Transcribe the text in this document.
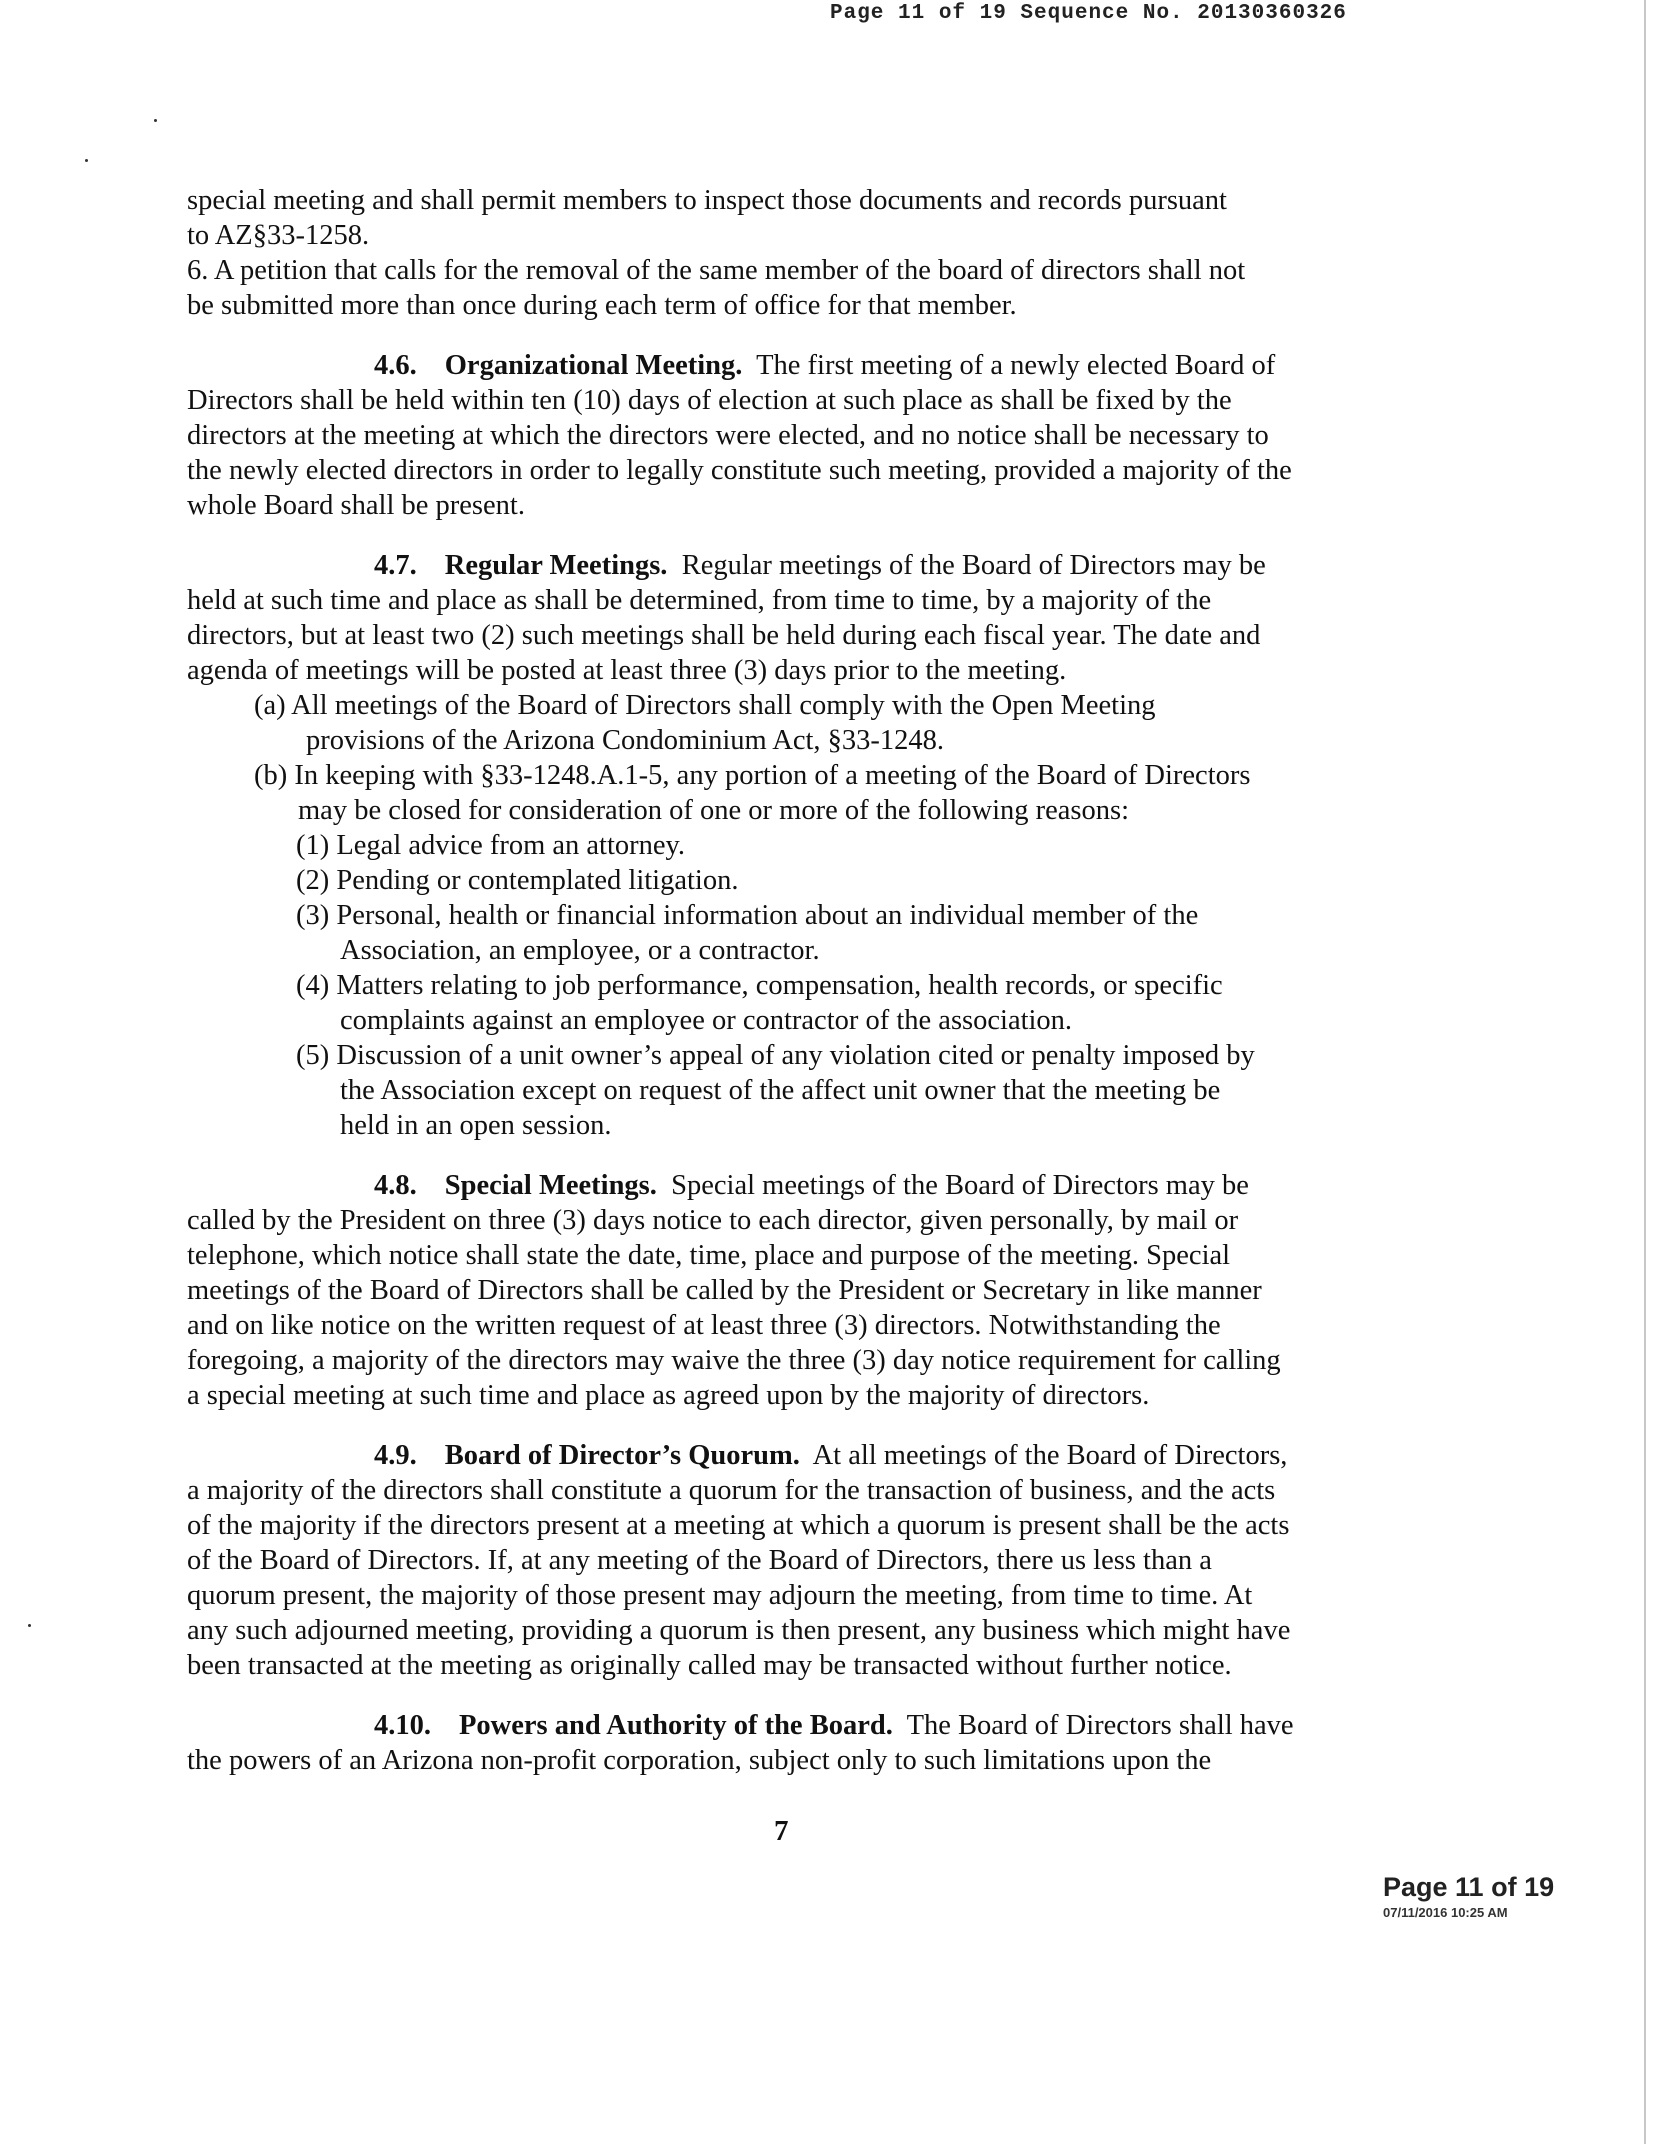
Page 11 of 19 Sequence No. 20130360326
special meeting and shall permit members to inspect those documents and records pursuant
to AZ§33-1258.
6. A petition that calls for the removal of the same member of the board of directors shall not
be submitted more than once during each term of office for that member.
4.6. Organizational Meeting. The first meeting of a newly elected Board of
Directors shall be held within ten (10) days of election at such place as shall be fixed by the
directors at the meeting at which the directors were elected, and no notice shall be necessary to
the newly elected directors in order to legally constitute such meeting, provided a majority of the
whole Board shall be present.
4.7. Regular Meetings. Regular meetings of the Board of Directors may be
held at such time and place as shall be determined, from time to time, by a majority of the
directors, but at least two (2) such meetings shall be held during each fiscal year. The date and
agenda of meetings will be posted at least three (3) days prior to the meeting.
(a) All meetings of the Board of Directors shall comply with the Open Meeting
provisions of the Arizona Condominium Act, §33-1248.
(b) In keeping with §33-1248.A.1-5, any portion of a meeting of the Board of Directors
may be closed for consideration of one or more of the following reasons:
(1) Legal advice from an attorney.
(2) Pending or contemplated litigation.
(3) Personal, health or financial information about an individual member of the
Association, an employee, or a contractor.
(4) Matters relating to job performance, compensation, health records, or specific
complaints against an employee or contractor of the association.
(5) Discussion of a unit owner’s appeal of any violation cited or penalty imposed by
the Association except on request of the affect unit owner that the meeting be
held in an open session.
4.8. Special Meetings. Special meetings of the Board of Directors may be
called by the President on three (3) days notice to each director, given personally, by mail or
telephone, which notice shall state the date, time, place and purpose of the meeting. Special
meetings of the Board of Directors shall be called by the President or Secretary in like manner
and on like notice on the written request of at least three (3) directors. Notwithstanding the
foregoing, a majority of the directors may waive the three (3) day notice requirement for calling
a special meeting at such time and place as agreed upon by the majority of directors.
4.9. Board of Director’s Quorum. At all meetings of the Board of Directors,
a majority of the directors shall constitute a quorum for the transaction of business, and the acts
of the majority if the directors present at a meeting at which a quorum is present shall be the acts
of the Board of Directors. If, at any meeting of the Board of Directors, there us less than a
quorum present, the majority of those present may adjourn the meeting, from time to time. At
any such adjourned meeting, providing a quorum is then present, any business which might have
been transacted at the meeting as originally called may be transacted without further notice.
4.10. Powers and Authority of the Board. The Board of Directors shall have
the powers of an Arizona non-profit corporation, subject only to such limitations upon the
7
Page 11 of 19
07/11/2016 10:25 AM
